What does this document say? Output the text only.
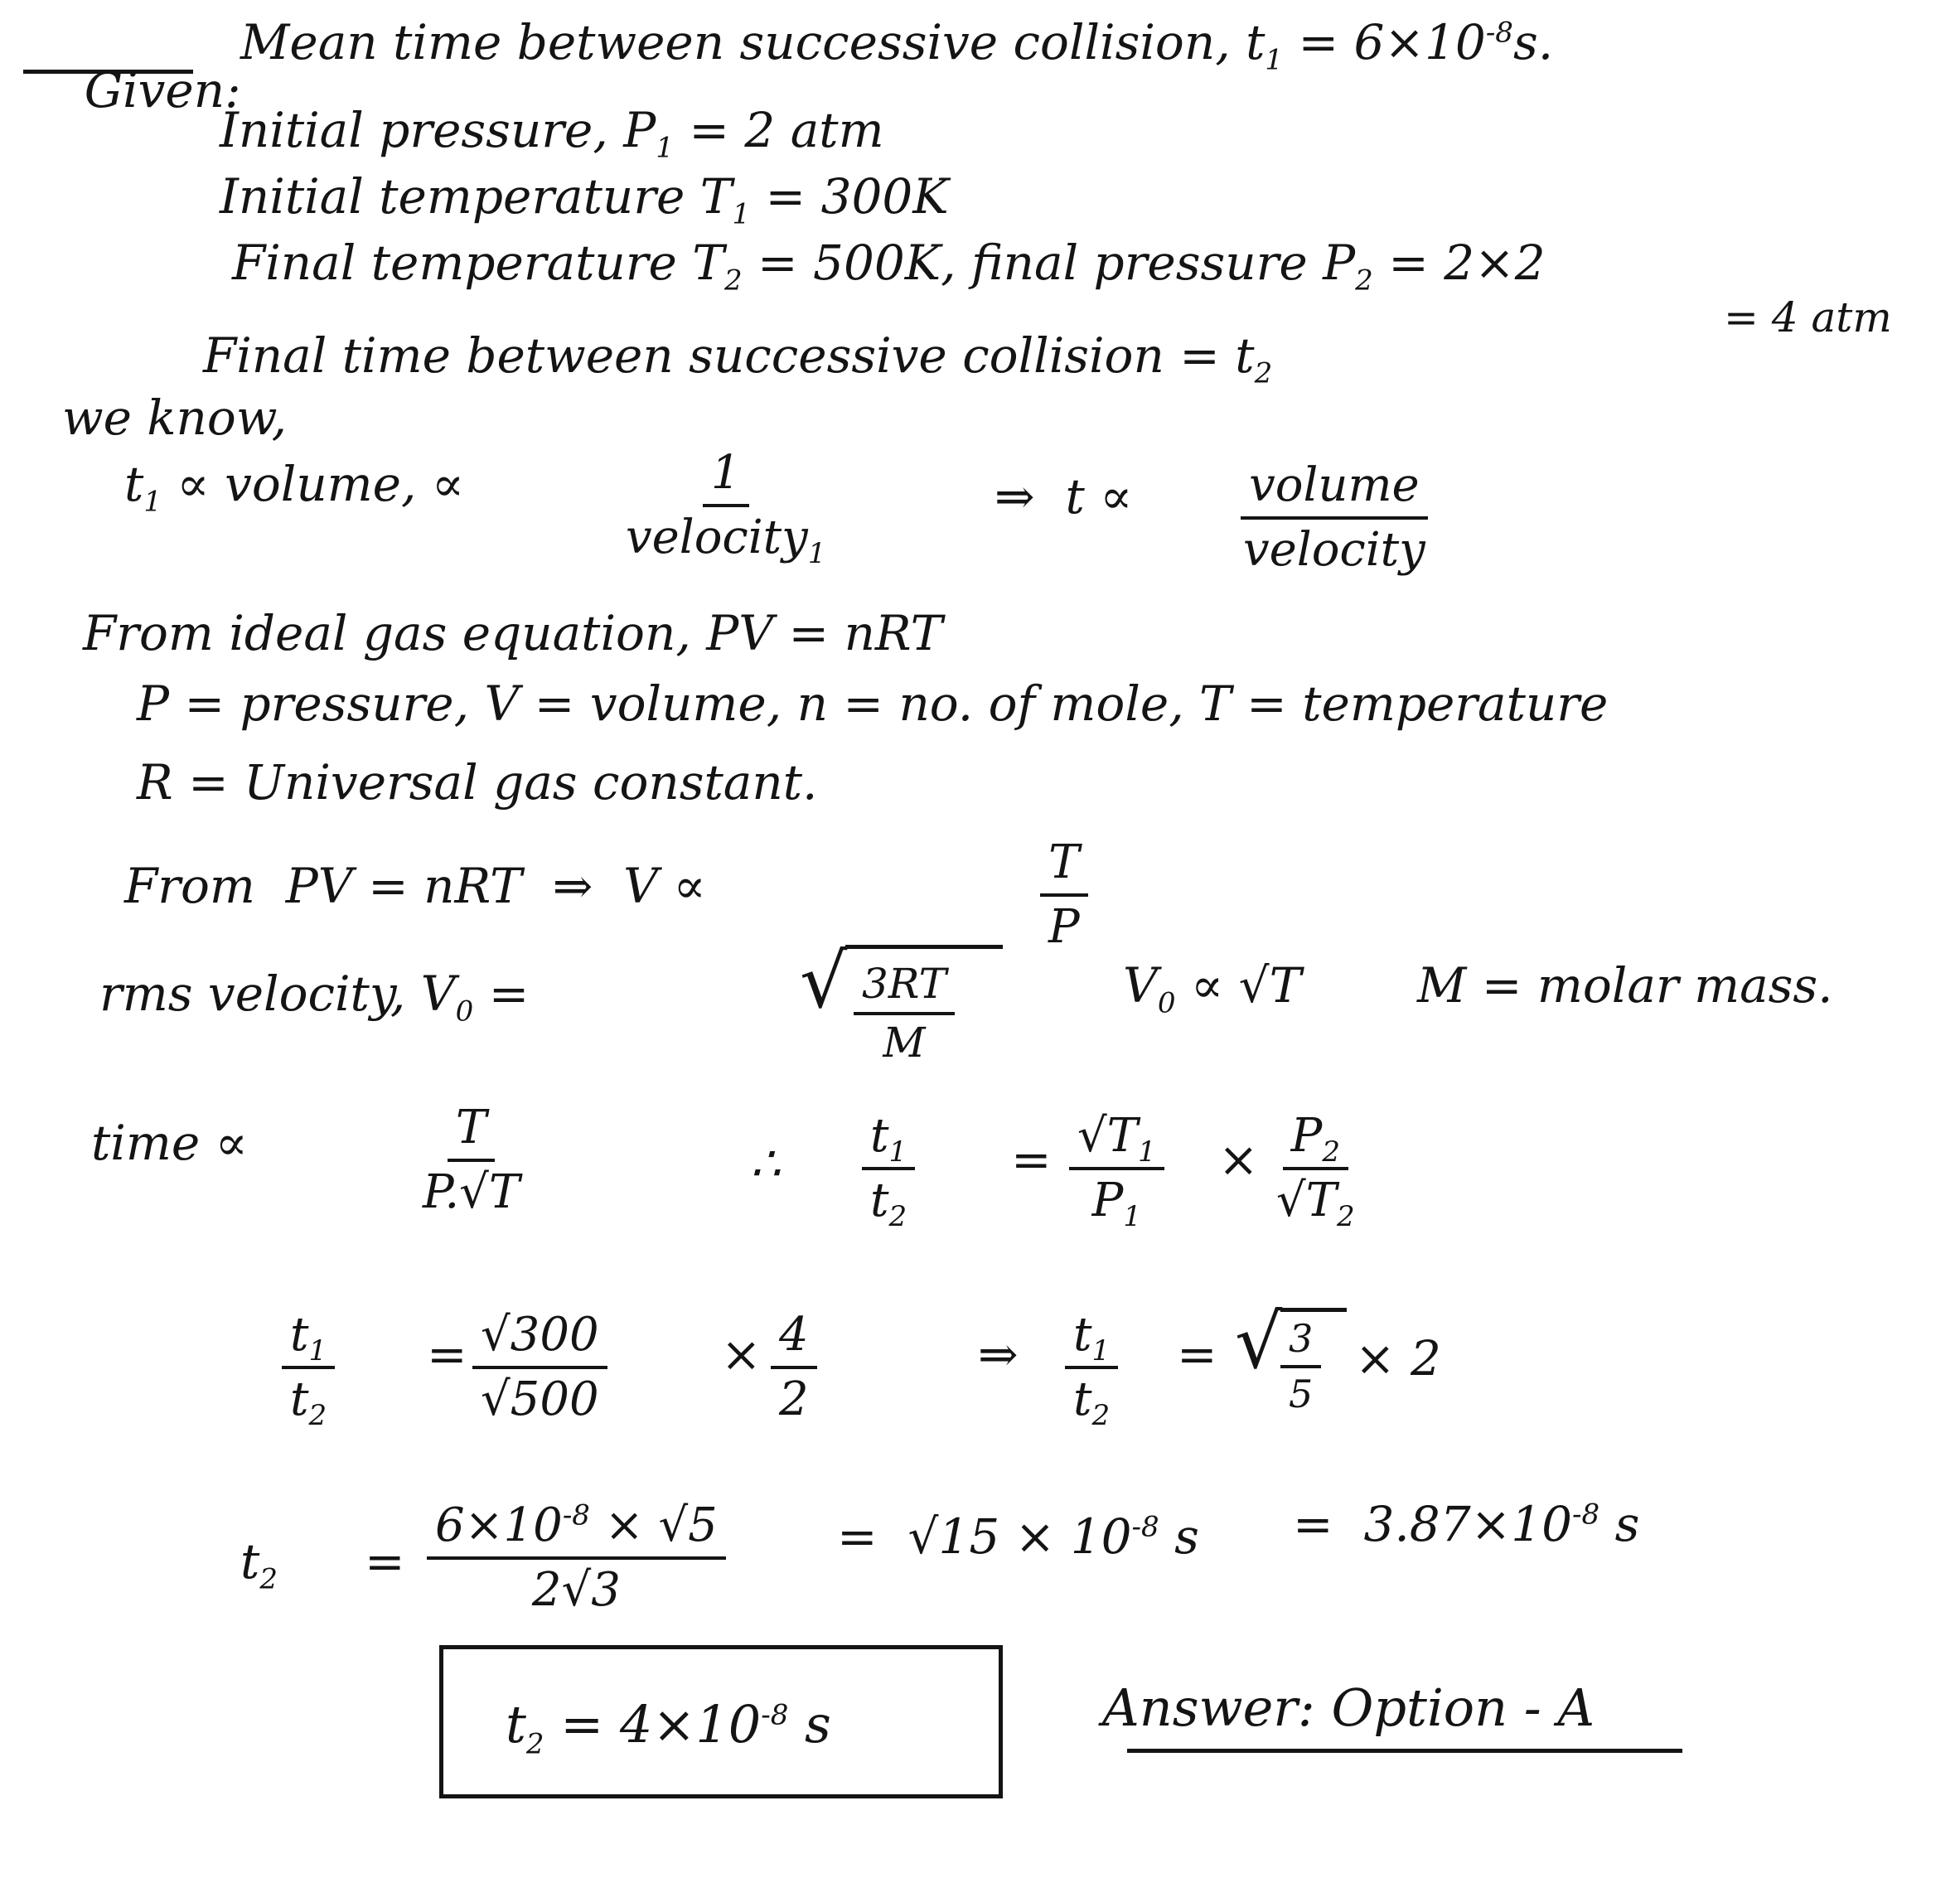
Given:

Mean time between successive collision, $t_1 = 6\times 10^{-8}s$.
Initial pressure, $P_1 = 2$ atm
Initial temperature $T_1 = 300K$
Final temperature $T_2 = 500K$, final pressure $P_2 = 2\times 2$
= 4 atm
Final time between successive collision = $t_2$
we know,
$t_1$ ∝ volume, ∝	1
velocity$_1$
⇒  t ∝	volume
velocity
From ideal gas equation, PV = nRT
P = pressure, V = volume, n = no. of mole, T = temperature
R = Universal gas constant.
From  PV = nRT  ⇒  V ∝	$\frac{T}{P}$
rms velocity, $V_0$ =	√ $\frac{3RT}{M}$	$V_0 \propto √T$ M = molar mass.
time ∝	$\frac{T}{P.√T}$	∴ $\frac{t_1}{t_2} = \frac{√T_1}{P_1} \times \frac{P_2}{√T_2}$
$\frac{t_1}{t_2} = \frac{√300}{√500} \times \frac{4}{2}$	⇒ $\frac{t_1}{t_2}$ = √
$\frac{3}{5} \times 2$
$t_2 = \frac{6\times 10^{-8} \times √5}{2√3} = √15 \times 10^{-8}$ $s = 3.87\times 10^{-8}$ s
$t_2 = 4\times 10^{-8}$ s	Answer: Option - A
